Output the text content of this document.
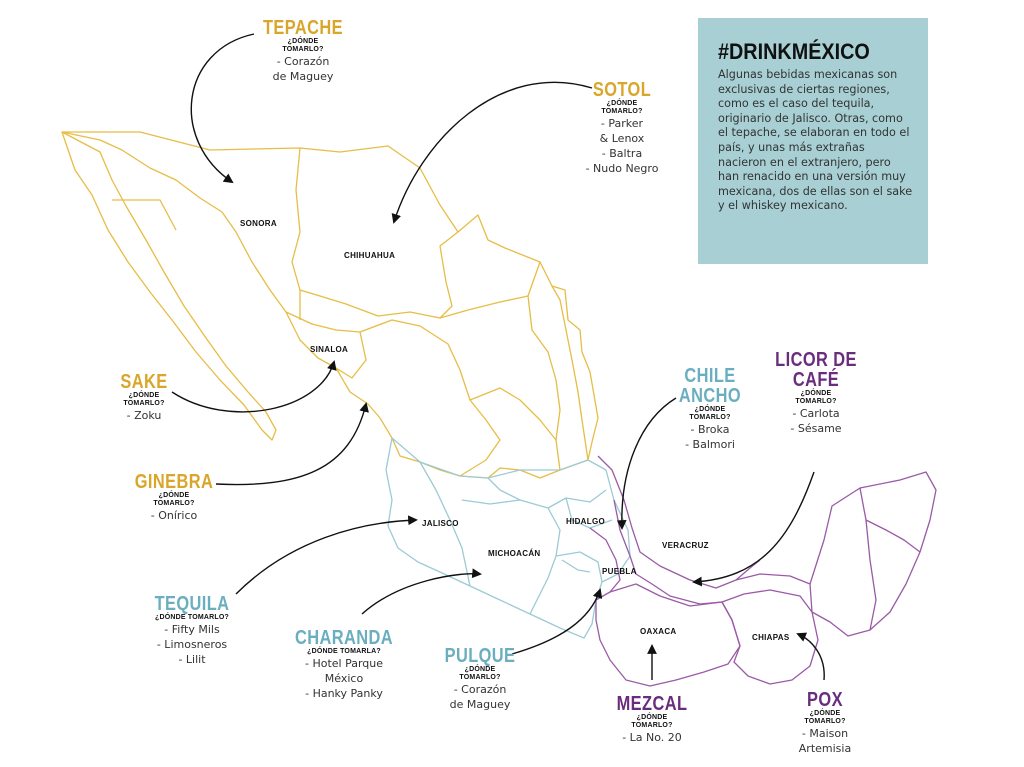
SONORA
CHIHUAHUA
SINALOA
JALISCO
MICHOACÁN
HIDALGO
VERACRUZ
PUEBLA
OAXACA
CHIAPAS
#DRINKMÉXICO
Algunas bebidas mexicanas son exclusivas de ciertas regiones, como es el caso del tequila, originario de Jalisco. Otras, como el tepache, se elaboran en todo el país, y unas más extrañas nacieron en el extranjero, pero han renacido en una versión muy mexicana, dos de ellas son el sake y el whiskey mexicano.
TEPACHE
¿DÓNDE TOMARLO?
- Corazón
de Maguey
SOTOL
¿DÓNDE TOMARLO?
- Parker
& Lenox
- Baltra
- Nudo Negro
SAKE
¿DÓNDE TOMARLO?
- Zoku
GINEBRA
¿DÓNDE TOMARLO?
- Onírico
TEQUILA
¿DÓNDE TOMARLO?
- Fifty Mils
- Limosneros
- Lilit
CHARANDA
¿DÓNDE TOMARLA?
- Hotel Parque
México
- Hanky Panky
PULQUE
¿DÓNDE TOMARLO?
- Corazón
de Maguey
CHILE
ANCHO
¿DÓNDE TOMARLO?
- Broka
- Balmori
LICOR DE
CAFÉ
¿DÓNDE TOMARLO?
- Carlota
- Sésame
MEZCAL
¿DÓNDE TOMARLO?
- La No. 20
POX
¿DÓNDE TOMARLO?
- Maison
Artemisia
